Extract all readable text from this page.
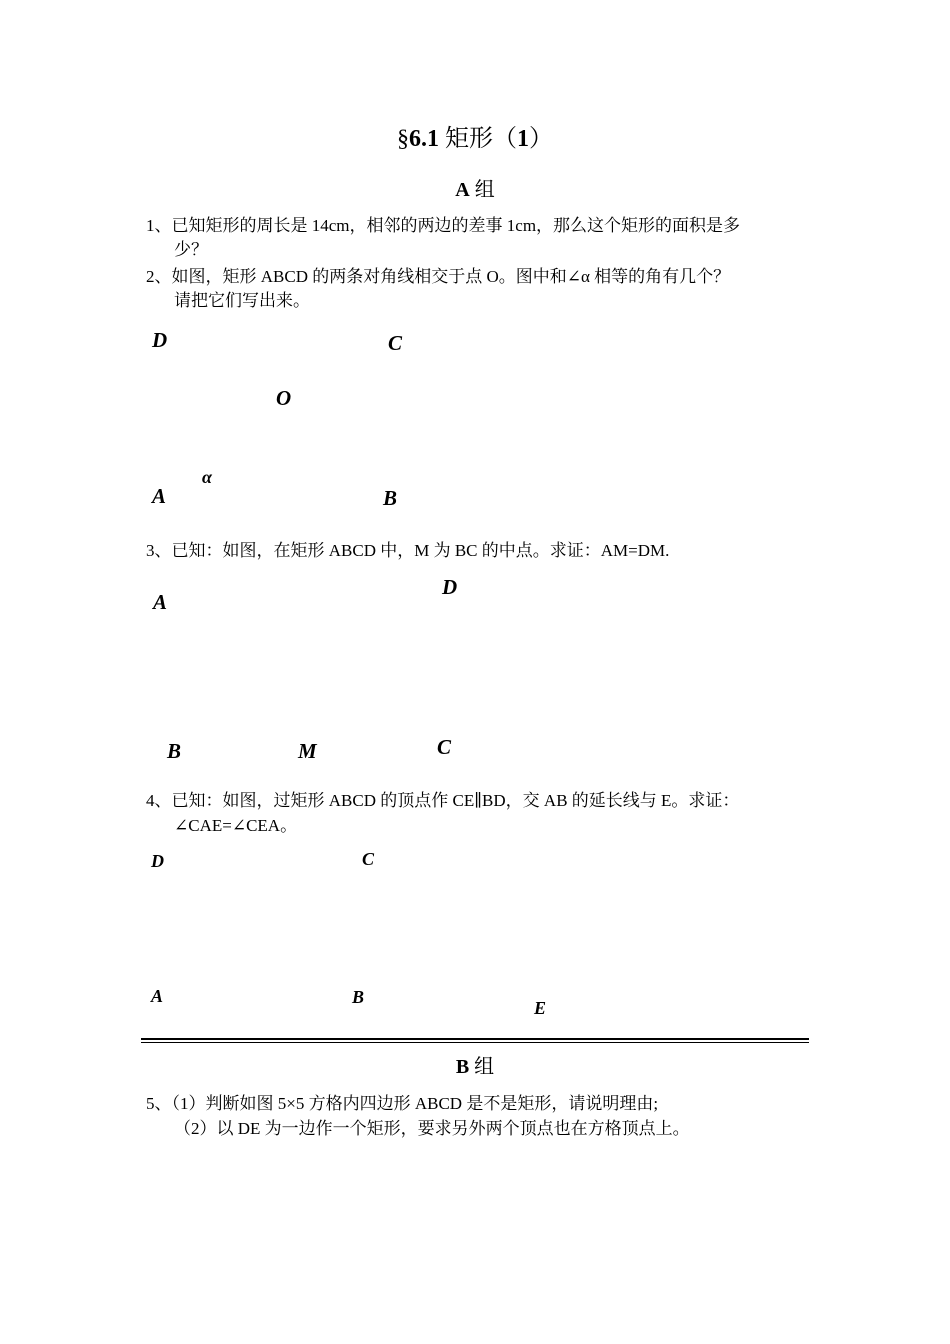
§6.1 矩形（1）
A 组
1、已知矩形的周长是 14cm，相邻的两边的差事 1cm，那么这个矩形的面积是多
少？
2、如图，矩形 ABCD 的两条对角线相交于点 O。图中和∠α 相等的角有几个？
请把它们写出来。
D	C
O
α
A	B
3、已知：如图，在矩形 ABCD 中，M 为 BC 的中点。求证：AM=DM.
D
A
C
B	M
4、已知：如图，过矩形 ABCD 的顶点作 CE∥BD，交 AB 的延长线与 E。求证：
∠CAE=∠CEA。
D	C
A	B
E
B 组
5、（1）判断如图 5×5 方格内四边形 ABCD 是不是矩形，请说明理由;
（2）以 DE 为一边作一个矩形，要求另外两个顶点也在方格顶点上。
